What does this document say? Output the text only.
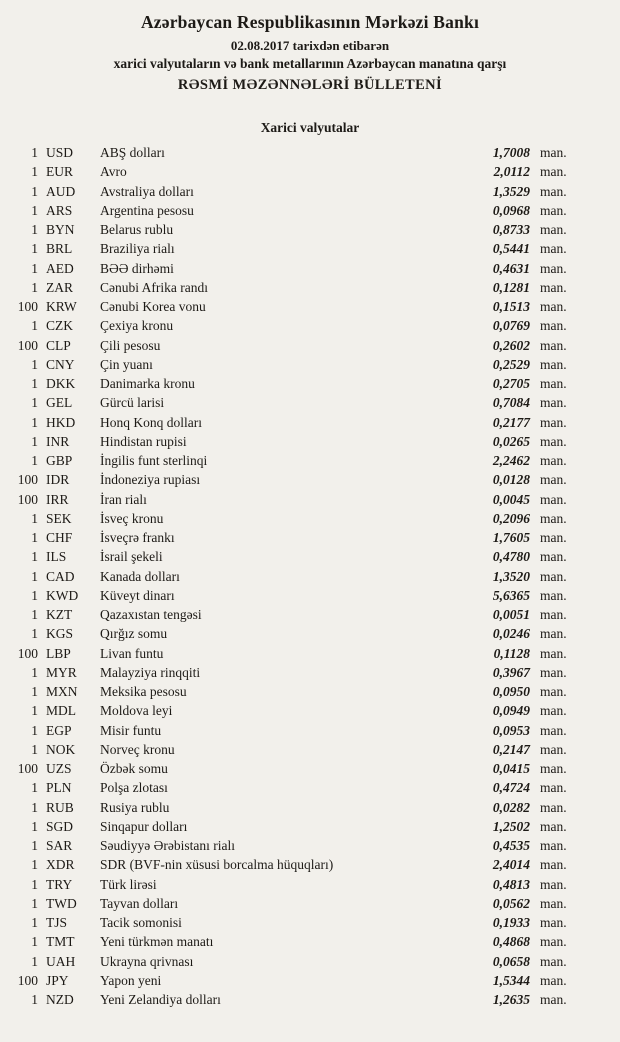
Azərbaycan Respublikasının Mərkəzi Bankı
02.08.2017 tarixdən etibarən
xarici valyutaların və bank metallarının Azərbaycan manatına qarşı
RƏSMİ MƏZƏNNƏLƏRİ BÜLLETENİ
Xarici valyutalar
1 USD	ABŞ dolları	1,7008 man.
1 EUR	Avro	2,0112 man.
1 AUD	Avstraliya dolları	1,3529 man.
1 ARS	Argentina pesosu	0,0968 man.
1 BYN	Belarus rublu	0,8733 man.
1 BRL	Braziliya rialı	0,5441 man.
1 AED	BƏƏ dirhəmi	0,4631 man.
1 ZAR	Cənubi Afrika randı	0,1281 man.
100 KRW	Cənubi Korea vonu	0,1513 man.
1 CZK	Çexiya kronu	0,0769 man.
100 CLP	Çili pesosu	0,2602 man.
1 CNY	Çin yuanı	0,2529 man.
1 DKK	Danimarka kronu	0,2705 man.
1 GEL	Gürcü larisi	0,7084 man.
1 HKD	Honq Konq dolları	0,2177 man.
1 INR	Hindistan rupisi	0,0265 man.
1 GBP	İngilis funt sterlinqi	2,2462 man.
100 IDR	İndoneziya rupiası	0,0128 man.
100 IRR	İran rialı	0,0045 man.
1 SEK	İsveç kronu	0,2096 man.
1 CHF	İsveçrə frankı	1,7605 man.
1 ILS	İsrail şekeli	0,4780 man.
1 CAD	Kanada dolları	1,3520 man.
1 KWD	Küveyt dinarı	5,6365 man.
1 KZT	Qazaxıstan tengəsi	0,0051 man.
1 KGS	Qırğız somu	0,0246 man.
100 LBP	Livan funtu	0,1128 man.
1 MYR	Malayziya rinqqiti	0,3967 man.
1 MXN	Meksika pesosu	0,0950 man.
1 MDL	Moldova leyi	0,0949 man.
1 EGP	Misir funtu	0,0953 man.
1 NOK	Norveç kronu	0,2147 man.
100 UZS	Özbək somu	0,0415 man.
1 PLN	Polşa zlotası	0,4724 man.
1 RUB	Rusiya rublu	0,0282 man.
1 SGD	Sinqapur dolları	1,2502 man.
1 SAR	Səudiyyə Ərəbistanı rialı	0,4535 man.
1 XDR	SDR (BVF-nin xüsusi borcalma hüquqları)	2,4014 man.
1 TRY	Türk lirəsi	0,4813 man.
1 TWD	Tayvan dolları	0,0562 man.
1 TJS	Tacik somonisi	0,1933 man.
1 TMT	Yeni türkmən manatı	0,4868 man.
1 UAH	Ukrayna qrivnası	0,0658 man.
100 JPY	Yapon yeni	1,5344 man.
1 NZD	Yeni Zelandiya dolları	1,2635 man.
